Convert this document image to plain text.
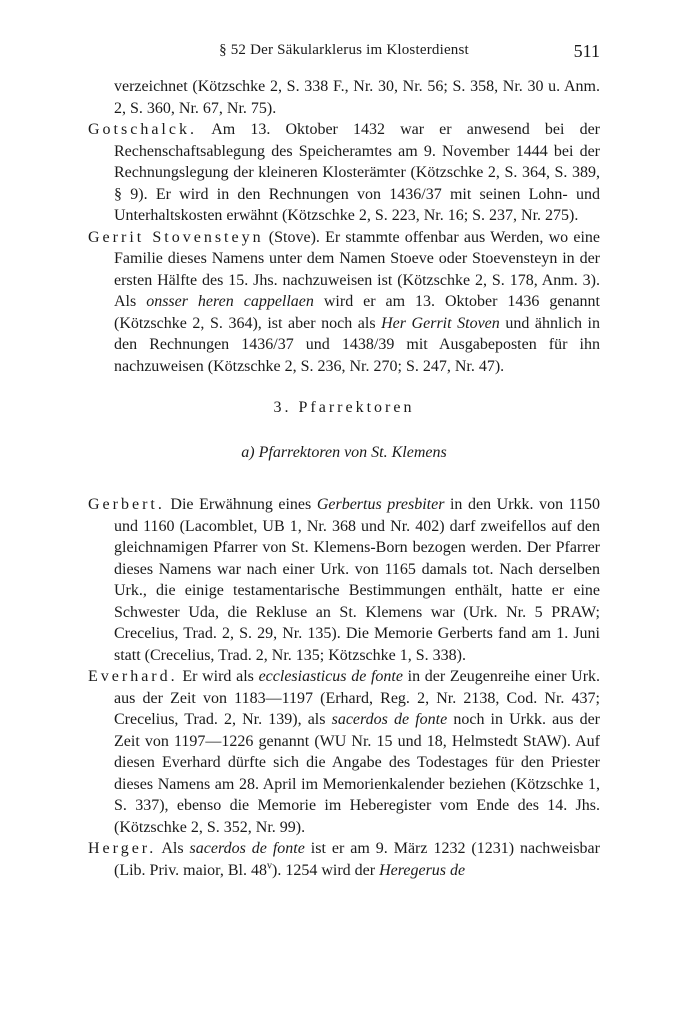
§ 52 Der Säkularklerus im Klosterdienst	511

verzeichnet (Kötzschke 2, S. 338 F., Nr. 30, Nr. 56; S. 358, Nr. 30 u. Anm. 2, S. 360, Nr. 67, Nr. 75).

Gotschalck. Am 13. Oktober 1432 war er anwesend bei der Rechenschaftsablegung des Speicheramtes am 9. November 1444 bei der Rechnungslegung der kleineren Klosterämter (Kötzschke 2, S. 364, S. 389, § 9). Er wird in den Rechnungen von 1436/37 mit seinen Lohn- und Unterhaltskosten erwähnt (Kötzschke 2, S. 223, Nr. 16; S. 237, Nr. 275).

Gerrit Stovensteyn (Stove). Er stammte offenbar aus Werden, wo eine Familie dieses Namens unter dem Namen Stoeve oder Stoevensteyn in der ersten Hälfte des 15. Jhs. nachzuweisen ist (Kötzschke 2, S. 178, Anm. 3). Als onsser heren cappellaen wird er am 13. Oktober 1436 genannt (Kötzschke 2, S. 364), ist aber noch als Her Gerrit Stoven und ähnlich in den Rechnungen 1436/37 und 1438/39 mit Ausgabeposten für ihn nachzuweisen (Kötzschke 2, S. 236, Nr. 270; S. 247, Nr. 47).

3. Pfarrektoren

a) Pfarrektoren von St. Klemens

Gerbert. Die Erwähnung eines Gerbertus presbiter in den Urkk. von 1150 und 1160 (Lacomblet, UB 1, Nr. 368 und Nr. 402) darf zweifellos auf den gleichnamigen Pfarrer von St. Klemens-Born bezogen werden. Der Pfarrer dieses Namens war nach einer Urk. von 1165 damals tot. Nach derselben Urk., die einige testamentarische Bestimmungen enthält, hatte er eine Schwester Uda, die Rekluse an St. Klemens war (Urk. Nr. 5 PRAW; Crecelius, Trad. 2, S. 29, Nr. 135). Die Memorie Gerberts fand am 1. Juni statt (Crecelius, Trad. 2, Nr. 135; Kötzschke 1, S. 338).

Everhard. Er wird als ecclesiasticus de fonte in der Zeugenreihe einer Urk. aus der Zeit von 1183—1197 (Erhard, Reg. 2, Nr. 2138, Cod. Nr. 437; Crecelius, Trad. 2, Nr. 139), als sacerdos de fonte noch in Urkk. aus der Zeit von 1197—1226 genannt (WU Nr. 15 und 18, Helmstedt StAW). Auf diesen Everhard dürfte sich die Angabe des Todestages für den Priester dieses Namens am 28. April im Memorienkalender beziehen (Kötzschke 1, S. 337), ebenso die Memorie im Heberegister vom Ende des 14. Jhs. (Kötzschke 2, S. 352, Nr. 99).

Herger. Als sacerdos de fonte ist er am 9. März 1232 (1231) nachweisbar (Lib. Priv. maior, Bl. 48$^v$). 1254 wird der Heregerus de
